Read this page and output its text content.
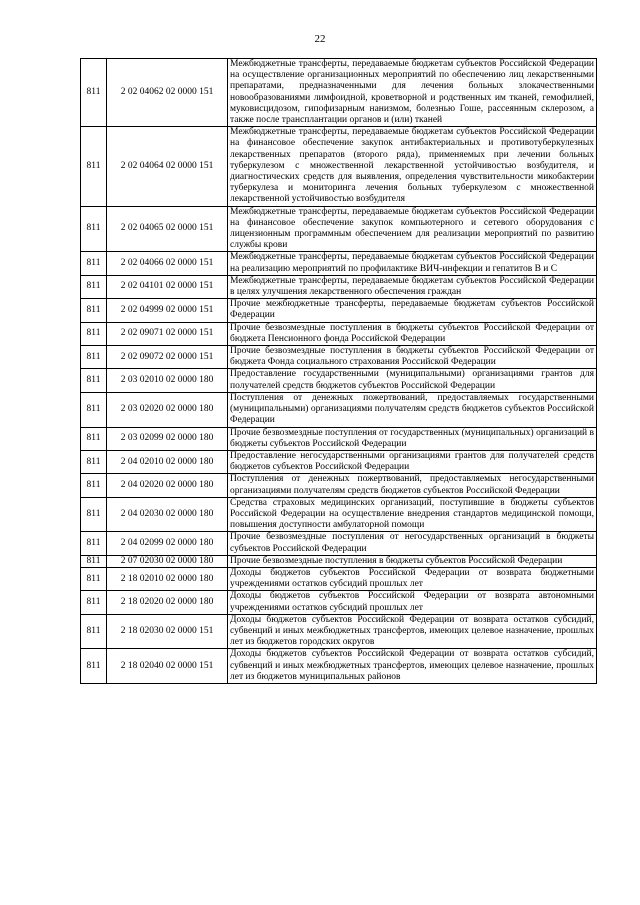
22
811	2 02 04062 02 0000 151	Межбюджетные трансферты, передаваемые бюджетам субъектов Российской Федерации на осуществление организационных мероприятий по обеспечению лиц лекарственными препаратами, предназначенными для лечения больных злокачественными новообразованиями лимфоидной, кроветворной и родственных им тканей, гемофилией, муковисцидозом, гипофизарным нанизмом, болезнью Гоше, рассеянным склерозом, а также после трансплантации органов и (или) тканей
811	2 02 04064 02 0000 151	Межбюджетные трансферты, передаваемые бюджетам субъектов Российской Федерации на финансовое обеспечение закупок антибактериальных и противотуберкулезных лекарственных препаратов (второго ряда), применяемых при лечении больных туберкулезом с множественной лекарственной устойчивостью возбудителя, и диагностических средств для выявления, определения чувствительности микобактерии туберкулеза и мониторинга лечения больных туберкулезом с множественной лекарственной устойчивостью возбудителя
811	2 02 04065 02 0000 151	Межбюджетные трансферты, передаваемые бюджетам субъектов Российской Федерации на финансовое обеспечение закупок компьютерного и сетевого оборудования с лицензионным программным обеспечением для реализации мероприятий по развитию службы крови
811	2 02 04066 02 0000 151	Межбюджетные трансферты, передаваемые бюджетам субъектов Российской Федерации на реализацию мероприятий по профилактике ВИЧ-инфекции и гепатитов В и С
811	2 02 04101 02 0000 151	Межбюджетные трансферты, передаваемые бюджетам субъектов Российской Федерации в целях улучшения лекарственного обеспечения граждан
811	2 02 04999 02 0000 151	Прочие межбюджетные трансферты, передаваемые бюджетам субъектов Российской Федерации
811	2 02 09071 02 0000 151	Прочие безвозмездные поступления в бюджеты субъектов Российской Федерации от бюджета Пенсионного фонда Российской Федерации
811	2 02 09072 02 0000 151	Прочие безвозмездные поступления в бюджеты субъектов Российской Федерации от бюджета Фонда социального страхования Российской Федерации
811	2 03 02010 02 0000 180	Предоставление государственными (муниципальными) организациями грантов для получателей средств бюджетов субъектов Российской Федерации
811	2 03 02020 02 0000 180	Поступления от денежных пожертвований, предоставляемых государственными (муниципальными) организациями получателям средств бюджетов субъектов Российской Федерации
811	2 03 02099 02 0000 180	Прочие безвозмездные поступления от государственных (муниципальных) организаций в бюджеты субъектов Российской Федерации
811	2 04 02010 02 0000 180	Предоставление негосударственными организациями грантов для получателей средств бюджетов субъектов Российской Федерации
811	2 04 02020 02 0000 180	Поступления от денежных пожертвований, предоставляемых негосударственными организациями получателям средств бюджетов субъектов Российской Федерации
811	2 04 02030 02 0000 180	Средства страховых медицинских организаций, поступившие в бюджеты субъектов Российской Федерации на осуществление внедрения стандартов медицинской помощи, повышения доступности амбулаторной помощи
811	2 04 02099 02 0000 180	Прочие безвозмездные поступления от негосударственных организаций в бюджеты субъектов Российской Федерации
811	2 07 02030 02 0000 180	Прочие безвозмездные поступления в бюджеты субъектов Российской Федерации
811	2 18 02010 02 0000 180	Доходы бюджетов субъектов Российской Федерации от возврата бюджетными учреждениями остатков субсидий прошлых лет
811	2 18 02020 02 0000 180	Доходы бюджетов субъектов Российской Федерации от возврата автономными учреждениями остатков субсидий прошлых лет
811	2 18 02030 02 0000 151	Доходы бюджетов субъектов Российской Федерации от возврата остатков субсидий, субвенций и иных межбюджетных трансфертов, имеющих целевое назначение, прошлых лет из бюджетов городских округов
811	2 18 02040 02 0000 151	Доходы бюджетов субъектов Российской Федерации от возврата остатков субсидий, субвенций и иных межбюджетных трансфертов, имеющих целевое назначение, прошлых лет из бюджетов муниципальных районов
